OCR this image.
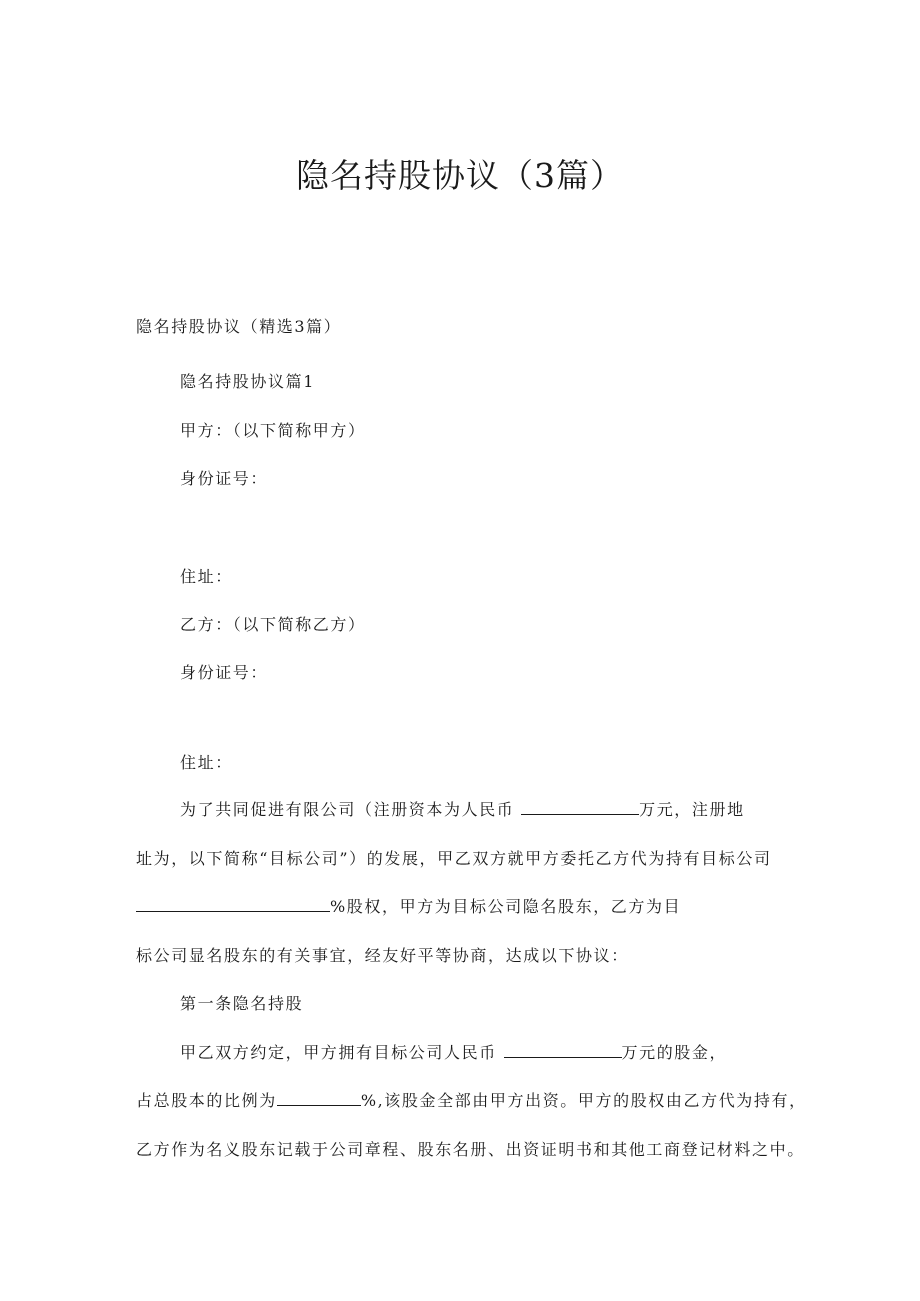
隐名持股协议（3篇）
隐名持股协议（精选3篇）
隐名持股协议篇1
甲方：（以下简称甲方）
身份证号：
住址：
乙方：（以下简称乙方）
身份证号：
住址：
为了共同促进有限公司（注册资本为人民币	万元，注册地
址为，以下简称“目标公司”）的发展，甲乙双方就甲方委托乙方代为持有目标公司
%股权，甲方为目标公司隐名股东，乙方为目
标公司显名股东的有关事宜，经友好平等协商，达成以下协议：
第一条隐名持股
甲乙双方约定，甲方拥有目标公司人民币	万元的股金，
占总股本的比例为	%,该股金全部由甲方出资。甲方的股权由乙方代为持有，
乙方作为名义股东记载于公司章程、股东名册、出资证明书和其他工商登记材料之中。
